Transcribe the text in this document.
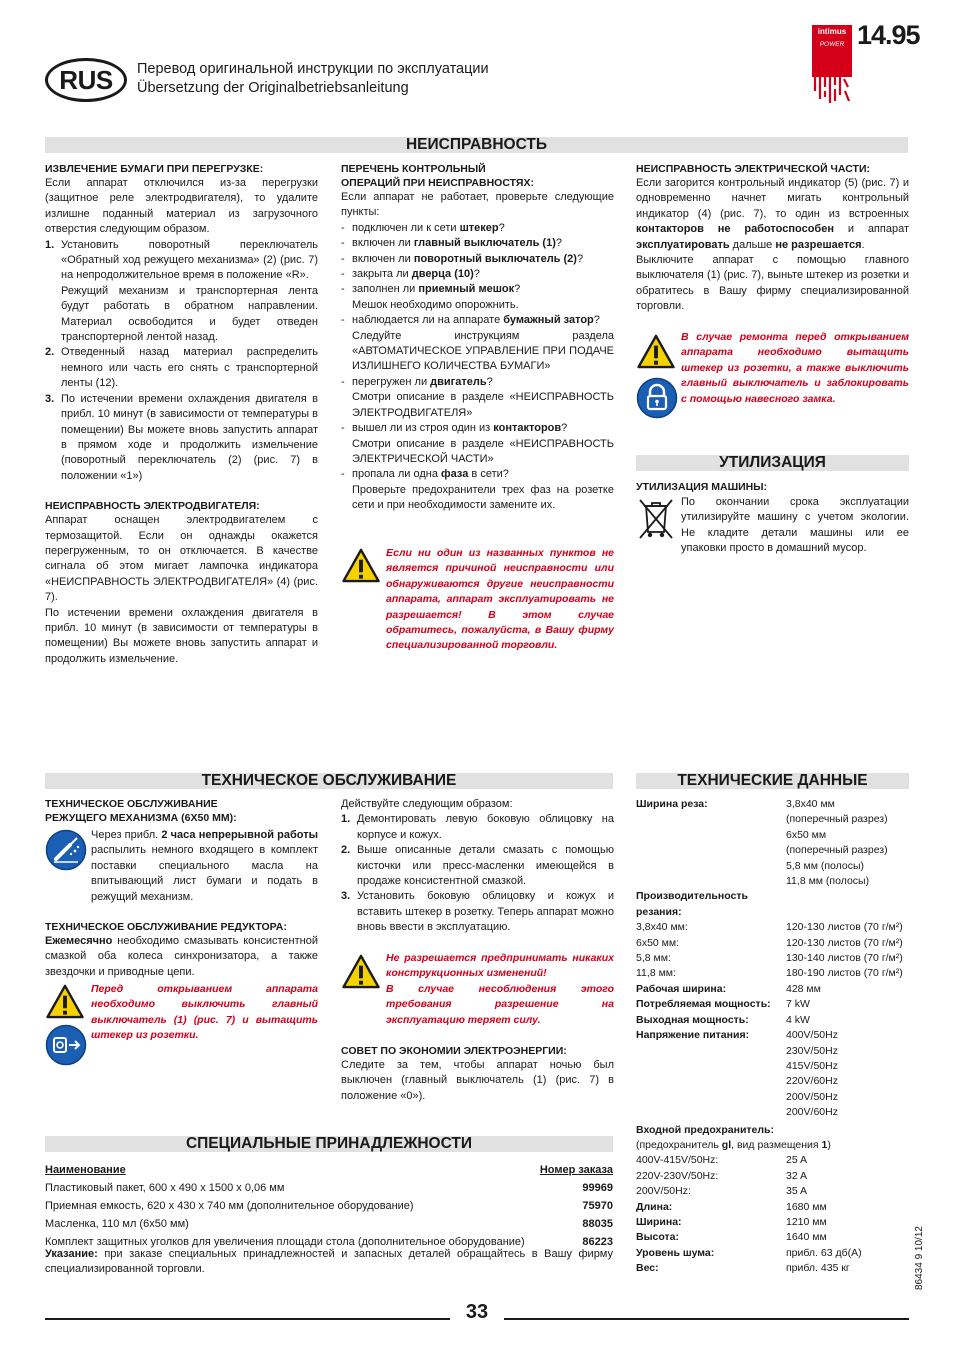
RUS	Перевод оригинальной инструкции по эксплуатации
Übersetzung der Originalbetriebsanleitung
intimus
POWER 14.95
НЕИСПРАВНОСТЬ
ИЗВЛЕЧЕНИЕ БУМАГИ ПРИ ПЕРЕГРУЗКЕ:
Если аппарат отключился из-за перегрузки (защитное реле электродвигателя), то удалите излишне поданный материал из загрузочного отверстия следующим образом.
1. Установить поворотный переключатель «Обратный ход режущего механизма» (2) (рис. 7) на непродолжительное время в положение «R».
Режущий механизм и транспортерная лента будут работать в обратном направлении. Материал освободится и будет отведен транспортерной лентой назад.
2. Отведенный назад материал распределить немного или часть его снять с транспортерной ленты (12).
3. По истечении времени охлаждения двигателя в прибл. 10 минут (в зависимости от температуры в помещении) Вы можете вновь запустить аппарат в прямом ходе и продолжить измельчение (поворотный переключатель (2) (рис. 7) в положении «1»)
НЕИСПРАВНОСТЬ ЭЛЕКТРОДВИГАТЕЛЯ:
Аппарат оснащен электродвигателем с термозащитой. Если он однажды окажется перегруженным, то он отключается. В качестве сигнала об этом мигает лампочка индикатора «НЕИСПРАВНОСТЬ ЭЛЕКТРОДВИГАТЕЛЯ» (4) (рис. 7).
По истечении времени охлаждения двигателя в прибл. 10 минут (в зависимости от температуры в помещении) Вы можете вновь запустить аппарат и продолжить измельчение.
ПЕРЕЧЕНЬ КОНТРОЛЬНЫЙ
ОПЕРАЦИЙ ПРИ НЕИСПРАВНОСТЯХ:
Если аппарат не работает, проверьте следующие пункты:
- подключен ли к сети штекер?
- включен ли главный выключатель (1)?
- включен ли поворотный выключатель (2)?
- закрыта ли дверца (10)?
- заполнен ли приемный мешок?
Мешок необходимо опорожнить.
- наблюдается ли на аппарате бумажный затор?
Следуйте инструкциям раздела «АВТОМАТИЧЕСКОЕ УПРАВЛЕНИЕ ПРИ ПОДАЧЕ ИЗЛИШНЕГО КОЛИЧЕСТВА БУМАГИ»
- перегружен ли двигатель?
Смотри описание в разделе «НЕИСПРАВНОСТЬ ЭЛЕКТРОДВИГАТЕЛЯ»
- вышел ли из строя один из контакторов?
Смотри описание в разделе «НЕИСПРАВНОСТЬ ЭЛЕКТРИЧЕСКОЙ ЧАСТИ»
- пропала ли одна фаза в сети?
Проверьте предохранители трех фаз на розетке сети и при необходимости замените их.
Если ни один из названных пунктов не является причиной неисправности или обнаруживаются другие неисправности аппарата, аппарат эксплуатировать не разрешается! В этом случае обратитесь, пожалуйста, в Вашу фирму специализированной торговли.
НЕИСПРАВНОСТЬ ЭЛЕКТРИЧЕСКОЙ ЧАСТИ:
Если загорится контрольный индикатор (5) (рис. 7) и одновременно начнет мигать контрольный индикатор (4) (рис. 7), то один из встроенных контакторов не работоспособен и аппарат эксплуатировать дальше не разрешается.
Выключите аппарат с помощью главного выключателя (1) (рис. 7), выньте штекер из розетки и обратитесь в Вашу фирму специализированной торговли.
В случае ремонта перед открыванием аппарата необходимо вытащить штекер из розетки, а также выключить главный выключатель и заблокировать с помощью навесного замка.
УТИЛИЗАЦИЯ
УТИЛИЗАЦИЯ МАШИНЫ:
По окончании срока эксплуатации утилизируйте машину с учетом экологии. Не кладите детали машины или ее упаковки просто в домашний мусор.
ТЕХНИЧЕСКОЕ ОБСЛУЖИВАНИЕ
ТЕХНИЧЕСКОЕ ОБСЛУЖИВАНИЕ
РЕЖУЩЕГО МЕХАНИЗМА (6X50 ММ):
Через прибл. 2 часа непрерывной работы распылить немного входящего в комплект поставки специального масла на впитывающий лист бумаги и подать в режущий механизм.
ТЕХНИЧЕСКОЕ ОБСЛУЖИВАНИЕ РЕДУКТОРА:
Ежемесячно необходимо смазывать консистентной смазкой оба колеса синхронизатора, а также звездочки и приводные цепи.
Перед открыванием аппарата необходимо выключить главный выключатель (1) (рис. 7) и вытащить штекер из розетки.
Действуйте следующим образом:
1. Демонтировать левую боковую облицовку на корпусе и кожух.
2. Выше описанные детали смазать с помощью кисточки или пресс-масленки имеющейся в продаже консистентной смазкой.
3. Установить боковую облицовку и кожух и вставить штекер в розетку. Теперь аппарат можно вновь ввести в эксплуатацию.
Не разрешается предпринимать никаких конструкционных изменений!
В случае несоблюдения этого требования разрешение на эксплуатацию теряет силу.
СОВЕТ ПО ЭКОНОМИИ ЭЛЕКТРОЭНЕРГИИ:
Следите за тем, чтобы аппарат ночью был выключен (главный выключатель (1) (рис. 7) в положение «0»).
ТЕХНИЧЕСКИЕ ДАННЫЕ
Ширина реза:	3,8x40 мм
(поперечный разрез)
6x50 мм
(поперечный разрез)
5,8 мм (полосы)
11,8 мм (полосы)
Производительность резания:
3,8x40 мм:	120-130 листов (70 г/м²)
6x50 мм:	120-130 листов (70 г/м²)
5,8 мм:	130-140 листов (70 г/м²)
11,8 мм:	180-190 листов (70 г/м²)
Рабочая ширина:	428 мм
Потребляемая мощность:	7 kW
Выходная мощность:	4 kW
Напряжение питания:	400V/50Hz
230V/50Hz
415V/50Hz
220V/60Hz
200V/50Hz
200V/60Hz
Входной предохранитель:
(предохранитель gl, вид размещения 1)
400V-415V/50Hz:	25 A
220V-230V/50Hz:	32 A
200V/50Hz:	35 A
Длина:	1680 мм
Ширина:	1210 мм
Высота:	1640 мм
Уровень шума:	прибл. 63 дб(A)
Вес:	прибл. 435 кг
СПЕЦИАЛЬНЫЕ ПРИНАДЛЕЖНОСТИ
Наименование	Номер заказа
Пластиковый пакет, 600 x 490 x 1500 x 0,06 мм	99969
Приемная емкость, 620 x 430 x 740 мм (дополнительное оборудование)	75970
Масленка, 110 мл (6x50 мм)	88035
Комплект защитных уголков для увеличения площади стола (дополнительное оборудование)	86223
Указание: при заказе специальных принадлежностей и запасных деталей обращайтесь в Вашу фирму специализированной торговли.
33
86434 9 10/12
